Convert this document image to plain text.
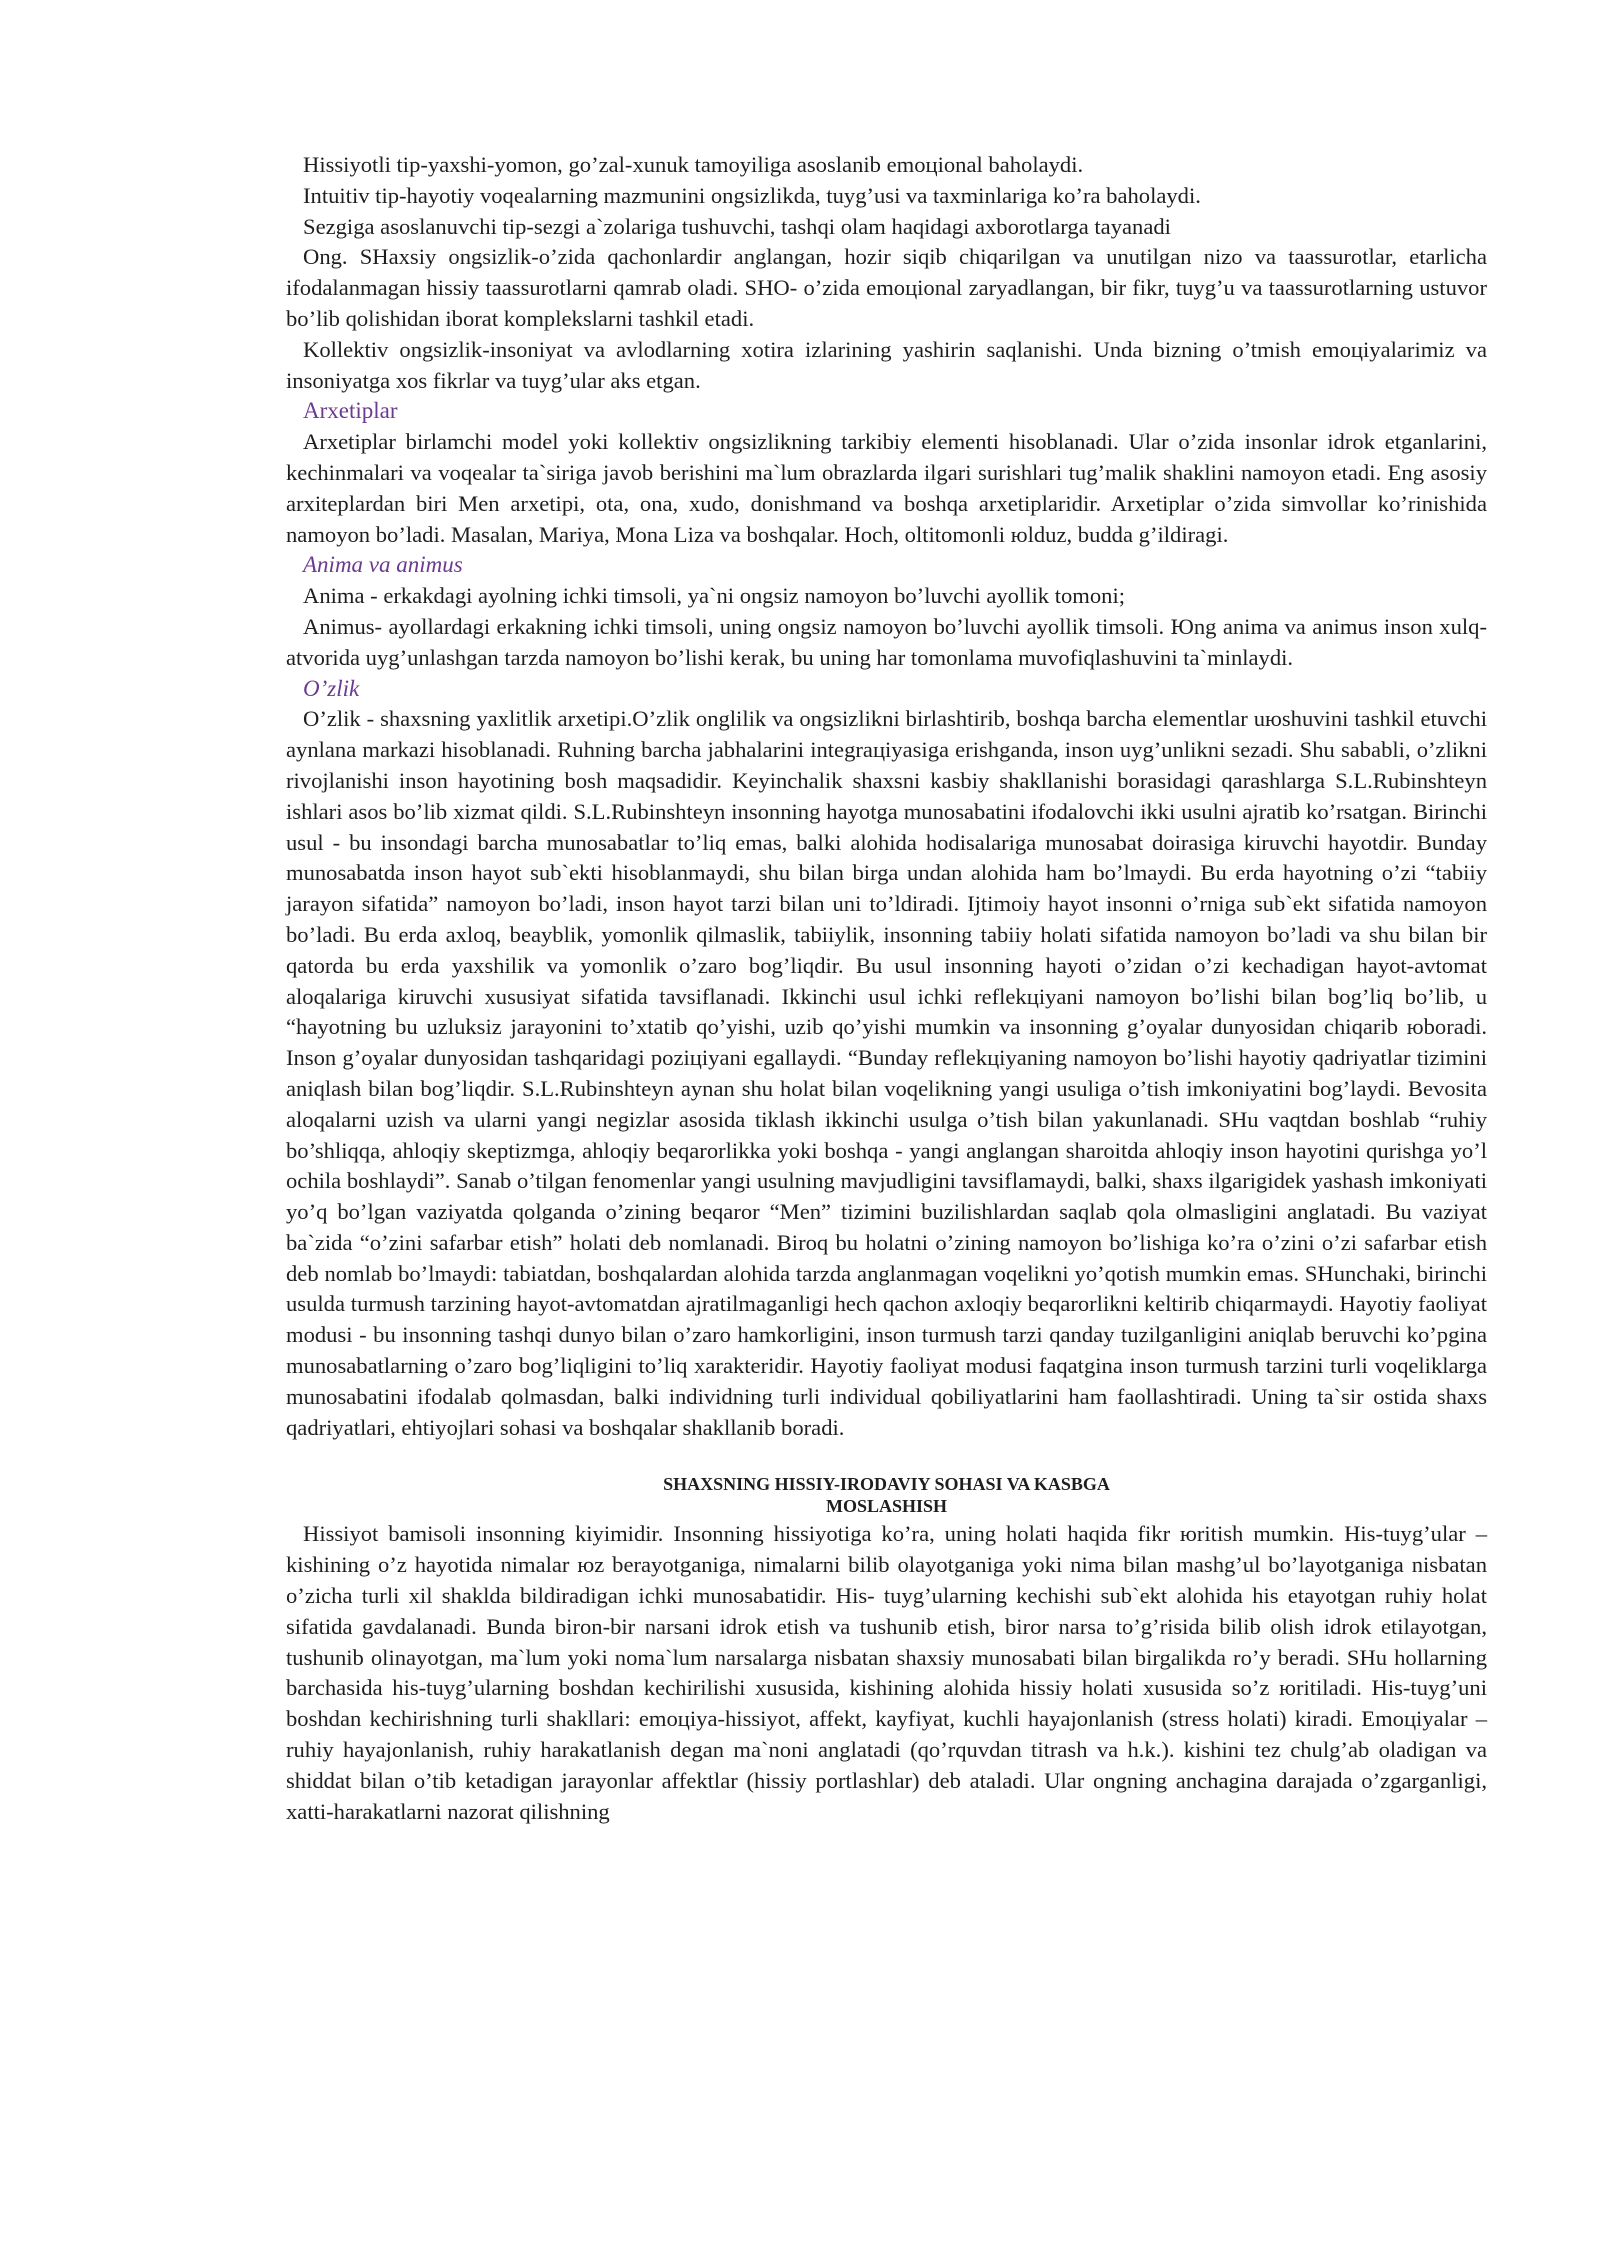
Hissiyotli tip-yaxshi-yomon, go’zal-xunuk tamoyiliga asoslanib emoцional baholaydi.

Intuitiv tip-hayotiy voqealarning mazmunini ongsizlikda, tuyg’usi va taxminlariga ko’ra baholaydi.

Sezgiga asoslanuvchi tip-sezgi a`zolariga tushuvchi, tashqi olam haqidagi axborotlarga tayanadi

Ong. SHaxsiy ongsizlik-o’zida qachonlardir anglangan, hozir siqib chiqarilgan va unutilgan nizo va taassurotlar, etarlicha ifodalanmagan hissiy taassurotlarni qamrab oladi. SHO- o’zida emoцional zaryadlangan, bir fikr, tuyg’u va taassurotlarning ustuvor bo’lib qolishidan iborat komplekslarni tashkil etadi.

Kollektiv ongsizlik-insoniyat va avlodlarning xotira izlarining yashirin saqlanishi. Unda bizning o’tmish emoцiyalarimiz va insoniyatga xos fikrlar va tuyg’ular aks etgan.

Arxetiplar

Arxetiplar birlamchi model yoki kollektiv ongsizlikning tarkibiy elementi hisoblanadi. Ular o’zida insonlar idrok etganlarini, kechinmalari va voqealar ta`siriga javob berishini ma`lum obrazlarda ilgari surishlari tug’malik shaklini namoyon etadi. Eng asosiy arxiteplardan biri Men arxetipi, ota, ona, xudo, donishmand va boshqa arxetiplaridir. Arxetiplar o’zida simvollar ko’rinishida namoyon bo’ladi. Masalan, Mariya, Mona Liza va boshqalar. Hoch, oltitomonli юlduz, budda g’ildiragi.

Anima va animus

Anima - erkakdagi ayolning ichki timsoli, ya`ni ongsiz namoyon bo’luvchi ayollik tomoni;

Animus- ayollardagi erkakning ichki timsoli, uning ongsiz namoyon bo’luvchi ayollik timsoli. Юng anima va animus inson xulq-atvorida uyg’unlashgan tarzda namoyon bo’lishi kerak, bu uning har tomonlama muvofiqlashuvini ta`minlaydi.

O’zlik

O’zlik - shaxsning yaxlitlik arxetipi.O’zlik onglilik va ongsizlikni birlashtirib, boshqa barcha elementlar uюshuvini tashkil etuvchi aynlana markazi hisoblanadi. Ruhning barcha jabhalarini integraцiyasiga erishganda, inson uyg’unlikni sezadi. Shu sababli, o’zlikni rivojlanishi inson hayotining bosh maqsadidir. Keyinchalik shaxsni kasbiy shakllanishi borasidagi qarashlarga S.L.Rubinshteyn ishlari asos bo’lib xizmat qildi. S.L.Rubinshteyn insonning hayotga munosabatini ifodalovchi ikki usulni ajratib ko’rsatgan. Birinchi usul - bu insondagi barcha munosabatlar to’liq emas, balki alohida hodisalariga munosabat doirasiga kiruvchi hayotdir. Bunday munosabatda inson hayot sub`ekti hisoblanmaydi, shu bilan birga undan alohida ham bo’lmaydi. Bu erda hayotning o’zi “tabiiy jarayon sifatida” namoyon bo’ladi, inson hayot tarzi bilan uni to’ldiradi. Ijtimoiy hayot insonni o’rniga sub`ekt sifatida namoyon bo’ladi. Bu erda axloq, beayblik, yomonlik qilmaslik, tabiiylik, insonning tabiiy holati sifatida namoyon bo’ladi va shu bilan bir qatorda bu erda yaxshilik va yomonlik o’zaro bog’liqdir. Bu usul insonning hayoti o’zidan o’zi kechadigan hayot-avtomat aloqalariga kiruvchi xususiyat sifatida tavsiflanadi. Ikkinchi usul ichki reflekцiyani namoyon bo’lishi bilan bog’liq bo’lib, u “hayotning bu uzluksiz jarayonini to’xtatib qo’yishi, uzib qo’yishi mumkin va insonning g’oyalar dunyosidan chiqarib юboradi. Inson g’oyalar dunyosidan tashqaridagi poziцiyani egallaydi. “Bunday reflekцiyaning namoyon bo’lishi hayotiy qadriyatlar tizimini aniqlash bilan bog’liqdir. S.L.Rubinshteyn aynan shu holat bilan voqelikning yangi usuliga o’tish imkoniyatini bog’laydi. Bevosita aloqalarni uzish va ularni yangi negizlar asosida tiklash ikkinchi usulga o’tish bilan yakunlanadi. SHu vaqtdan boshlab “ruhiy bo’shliqqa, ahloqiy skeptizmga, ahloqiy beqarorlikka yoki boshqa - yangi anglangan sharoitda ahloqiy inson hayotini qurishga yo’l ochila boshlaydi”. Sanab o’tilgan fenomenlar yangi usulning mavjudligini tavsiflamaydi, balki, shaxs ilgarigidek yashash imkoniyati yo’q bo’lgan vaziyatda qolganda o’zining beqaror “Men” tizimini buzilishlardan saqlab qola olmasligini anglatadi. Bu vaziyat ba`zida “o’zini safarbar etish” holati deb nomlanadi. Biroq bu holatni o’zining namoyon bo’lishiga ko’ra o’zini o’zi safarbar etish deb nomlab bo’lmaydi: tabiatdan, boshqalardan alohida tarzda anglanmagan voqelikni yo’qotish mumkin emas. SHunchaki, birinchi usulda turmush tarzining hayot-avtomatdan ajratilmaganligi hech qachon axloqiy beqarorlikni keltirib chiqarmaydi. Hayotiy faoliyat modusi - bu insonning tashqi dunyo bilan o’zaro hamkorligini, inson turmush tarzi qanday tuzilganligini aniqlab beruvchi ko’pgina munosabatlarning o’zaro bog’liqligini to’liq xarakteridir. Hayotiy faoliyat modusi faqatgina inson turmush tarzini turli voqeliklarga munosabatini ifodalab qolmasdan, balki individning turli individual qobiliyatlarini ham faollashtiradi. Uning ta`sir ostida shaxs qadriyatlari, ehtiyojlari sohasi va boshqalar shakllanib boradi.

SHAXSNING HISSIY-IRODAVIY SOHASI VA KASBGA
MOSLASHISH

Hissiyot bamisoli insonning kiyimidir. Insonning hissiyotiga ko’ra, uning holati haqida fikr юritish mumkin. His-tuyg’ular – kishining o’z hayotida nimalar юz berayotganiga, nimalarni bilib olayotganiga yoki nima bilan mashg’ul bo’layotganiga nisbatan o’zicha turli xil shaklda bildiradigan ichki munosabatidir. His- tuyg’ularning kechishi sub`ekt alohida his etayotgan ruhiy holat sifatida gavdalanadi. Bunda biron-bir narsani idrok etish va tushunib etish, biror narsa to’g’risida bilib olish idrok etilayotgan, tushunib olinayotgan, ma`lum yoki noma`lum narsalarga nisbatan shaxsiy munosabati bilan birgalikda ro’y beradi. SHu hollarning barchasida his-tuyg’ularning boshdan kechirilishi xususida, kishining alohida hissiy holati xususida so’z юritiladi. His-tuyg’uni boshdan kechirishning turli shakllari: emoцiya-hissiyot, affekt, kayfiyat, kuchli hayajonlanish (stress holati) kiradi. Emoцiyalar – ruhiy hayajonlanish, ruhiy harakatlanish degan ma`noni anglatadi (qo’rquvdan titrash va h.k.). kishini tez chulg’ab oladigan va shiddat bilan o’tib ketadigan jarayonlar affektlar (hissiy portlashlar) deb ataladi. Ular ongning anchagina darajada o’zgarganligi, xatti-harakatlarni nazorat qilishning
